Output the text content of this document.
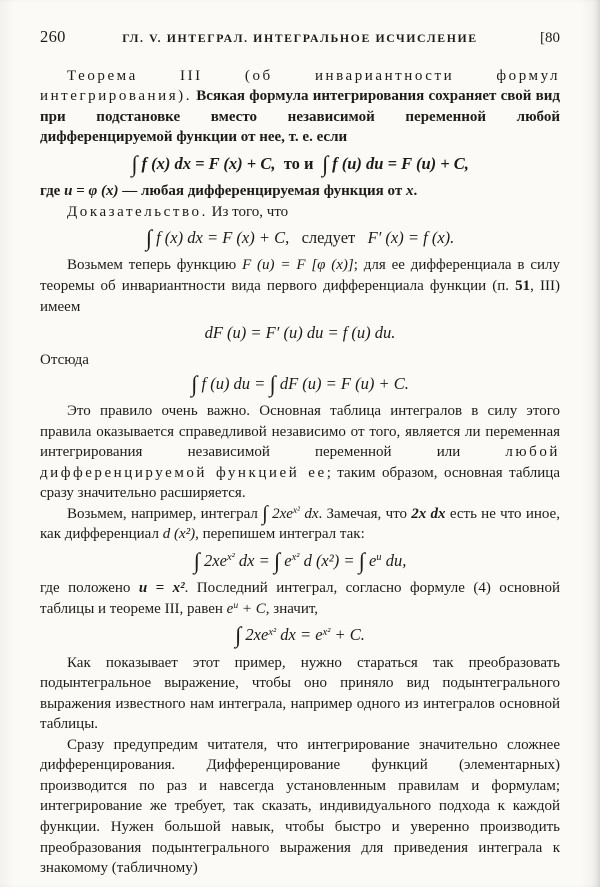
260	ГЛ. V. ИНТЕГРАЛ. ИНТЕГРАЛЬНОЕ ИСЧИСЛЕНИЕ	[80

Теорема III (об инвариантности формул интегрирования). Всякая формула интегрирования сохраняет свой вид при подстановке вместо независимой переменной любой дифференцируемой функции от нее, т. е. если

∫ f (x) dx = F (x) + C,  то и  ∫ f (u) du = F (u) + C,

где u = φ (x) — любая дифференцируемая функция от x.

Доказательство. Из того, что

∫ f (x) dx = F (x) + C,   следует   F′ (x) = f (x).

Возьмем теперь функцию F (u) = F [φ (x)]; для ее дифференциала в силу теоремы об инвариантности вида первого дифференциала функции (п. 51, III) имеем

dF (u) = F′ (u) du = f (u) du.

Отсюда

∫ f (u) du = ∫ dF (u) = F (u) + C.

Это правило очень важно. Основная таблица интегралов в силу этого правила оказывается справедливой независимо от того, является ли переменная интегрирования независимой переменной или любой дифференцируемой функцией ее; таким образом, основная таблица сразу значительно расширяется.

Возьмем, например, интеграл ∫ $2xe^{x^2}$ dx. Замечая, что 2x dx есть не что иное, как дифференциал d (x²), перепишем интеграл так:

∫ $2xe^{x^2}$ dx = ∫ $e^{x^2}$ d (x²) = ∫ $e^u$ du,

где положено u = x². Последний интеграл, согласно формуле (4) основной таблицы и теореме III, равен $e^u + C$, значит,

∫ $2xe^{x^2}$ dx = $e^{x^2} + C$.

Как показывает этот пример, нужно стараться так преобразовать подынтегральное выражение, чтобы оно приняло вид подынтегрального выражения известного нам интеграла, например одного из интегралов основной таблицы.

Сразу предупредим читателя, что интегрирование значительно сложнее дифференцирования. Дифференцирование функций (элементарных) производится по раз и навсегда установленным правилам и формулам; интегрирование же требует, так сказать, индивидуального подхода к каждой функции. Нужен большой навык, чтобы быстро и уверенно производить преобразования подынтегрального выражения для приведения интеграла к знакомому (табличному)
